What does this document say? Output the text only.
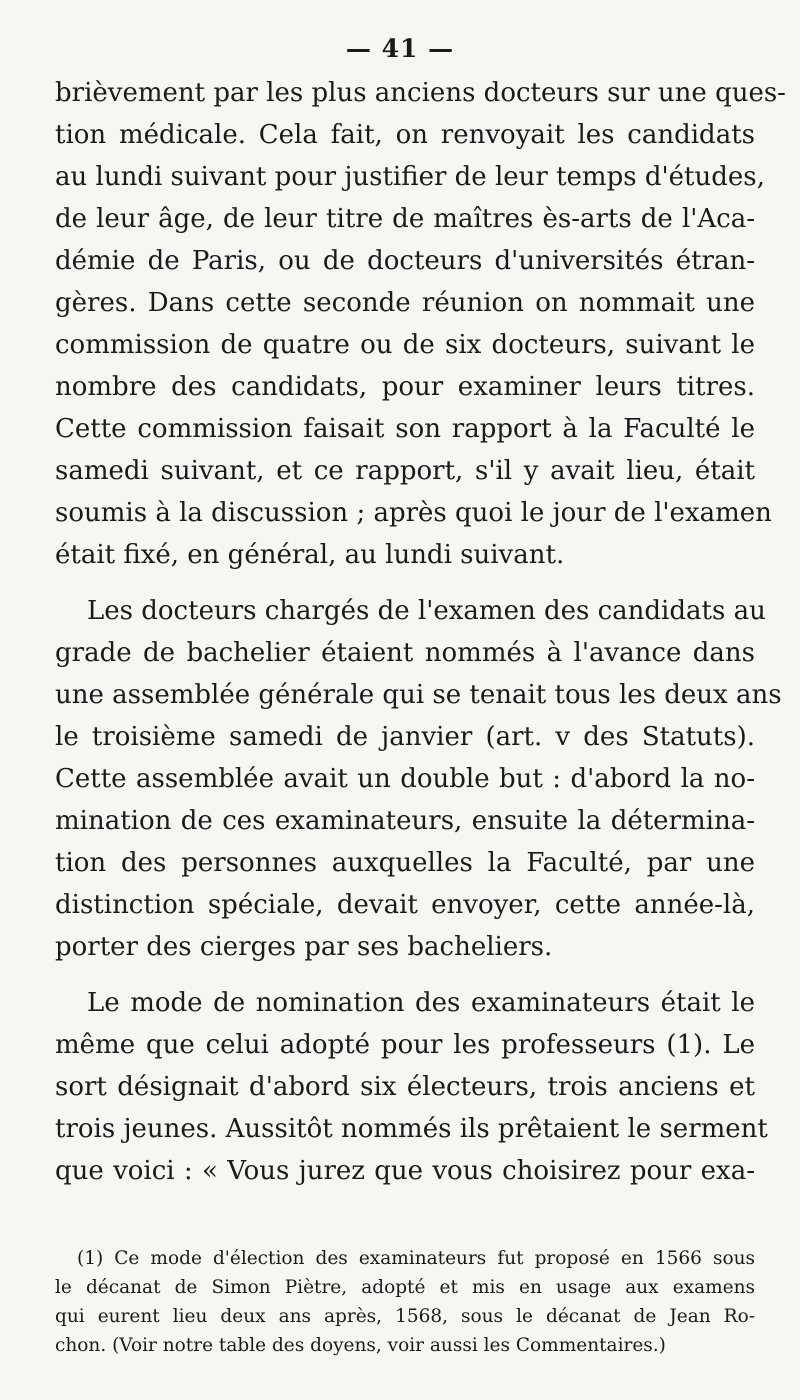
— 41 —
brièvement par les plus anciens docteurs sur une ques-
tion médicale. Cela fait, on renvoyait les candidats
au lundi suivant pour justifier de leur temps d'études,
de leur âge, de leur titre de maîtres ès-arts de l'Aca-
démie de Paris, ou de docteurs d'universités étran-
gères. Dans cette seconde réunion on nommait une
commission de quatre ou de six docteurs, suivant le
nombre des candidats, pour examiner leurs titres.
Cette commission faisait son rapport à la Faculté le
samedi suivant, et ce rapport, s'il y avait lieu, était
soumis à la discussion ; après quoi le jour de l'examen
était fixé, en général, au lundi suivant.
Les docteurs chargés de l'examen des candidats au
grade de bachelier étaient nommés à l'avance dans
une assemblée générale qui se tenait tous les deux ans
le troisième samedi de janvier (art. v des Statuts).
Cette assemblée avait un double but : d'abord la no-
mination de ces examinateurs, ensuite la détermina-
tion des personnes auxquelles la Faculté, par une
distinction spéciale, devait envoyer, cette année-là,
porter des cierges par ses bacheliers.
Le mode de nomination des examinateurs était le
même que celui adopté pour les professeurs (1). Le
sort désignait d'abord six électeurs, trois anciens et
trois jeunes. Aussitôt nommés ils prêtaient le serment
que voici : « Vous jurez que vous choisirez pour exa-
(1) Ce mode d'élection des examinateurs fut proposé en 1566 sous
le décanat de Simon Piètre, adopté et mis en usage aux examens
qui eurent lieu deux ans après, 1568, sous le décanat de Jean Ro-
chon. (Voir notre table des doyens, voir aussi les Commentaires.)
